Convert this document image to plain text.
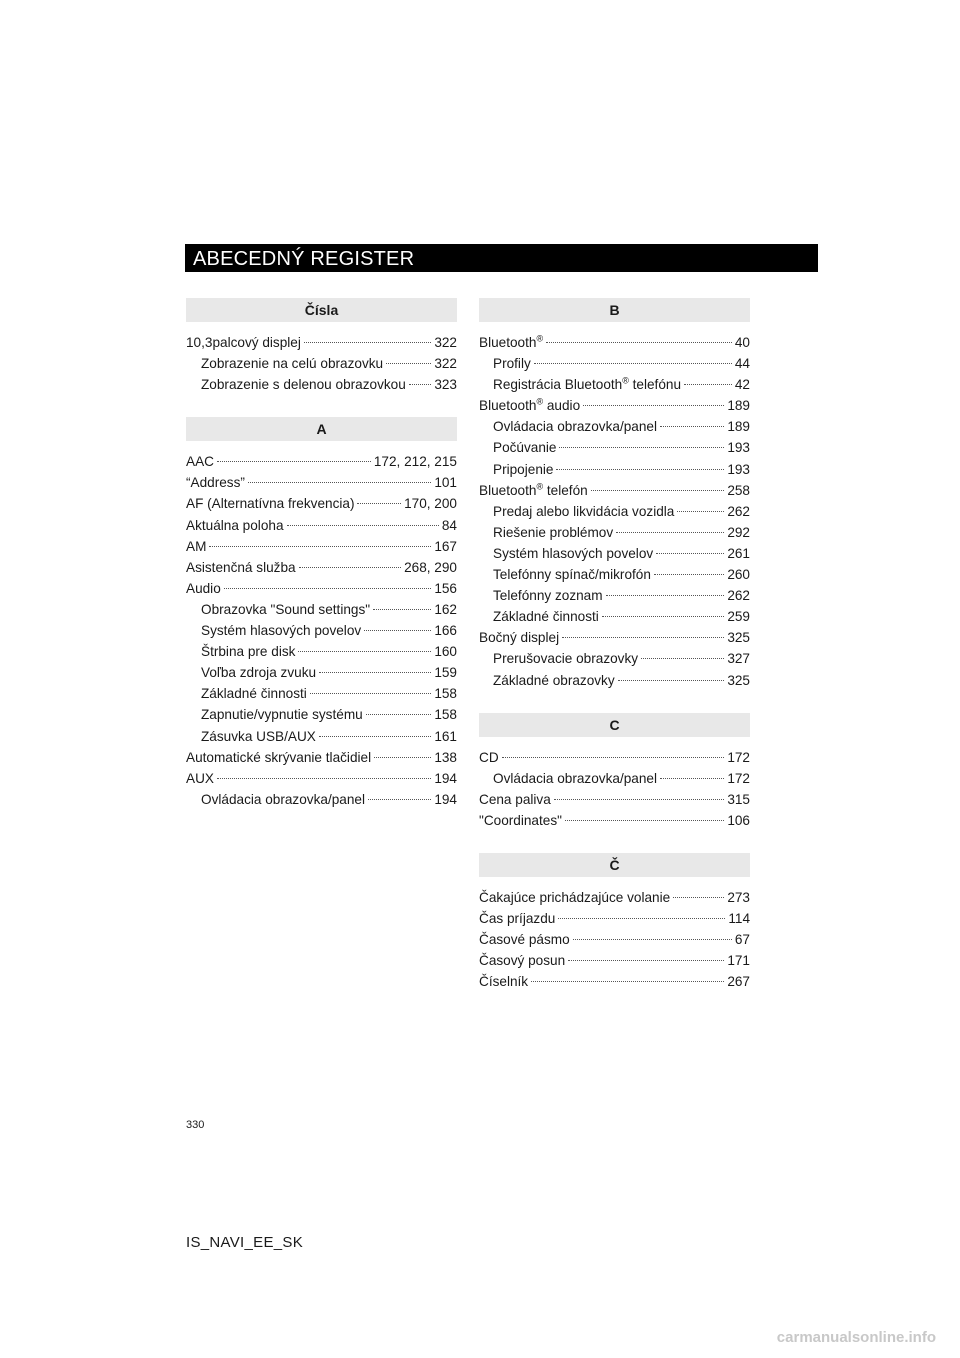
ABECEDNÝ REGISTER
Čísla
10,3palcový displej	322
Zobrazenie na celú obrazovku	322
Zobrazenie s delenou obrazovkou 323
A
AAC	172, 212, 215
“Address”	101
AF (Alternatívna frekvencia)	170, 200
Aktuálna poloha	84
AM	167
Asistenčná služba	268, 290
Audio	156
Obrazovka "Sound settings"	162
Systém hlasových povelov	166
Štrbina pre disk	160
Voľba zdroja zvuku	159
Základné činnosti	158
Zapnutie/vypnutie systému	158
Zásuvka USB/AUX	161
Automatické skrývanie tlačidiel	138
AUX	194
Ovládacia obrazovka/panel	194
B
Bluetooth®	40
Profily	44
Registrácia Bluetooth® telefónu	42
Bluetooth® audio	189
Ovládacia obrazovka/panel	189
Počúvanie	193
Pripojenie	193
Bluetooth® telefón	258
Predaj alebo likvidácia vozidla	262
Riešenie problémov	292
Systém hlasových povelov	261
Telefónny spínač/mikrofón	260
Telefónny zoznam	262
Základné činnosti	259
Bočný displej	325
Prerušovacie obrazovky	327
Základné obrazovky	325
C
CD	172
Ovládacia obrazovka/panel	172
Cena paliva	315
"Coordinates"	106
Č
Čakajúce prichádzajúce volanie	273
Čas príjazdu	114
Časové pásmo	67
Časový posun	171
Číselník	267
330
IS_NAVI_EE_SK
carmanualsonline.info
